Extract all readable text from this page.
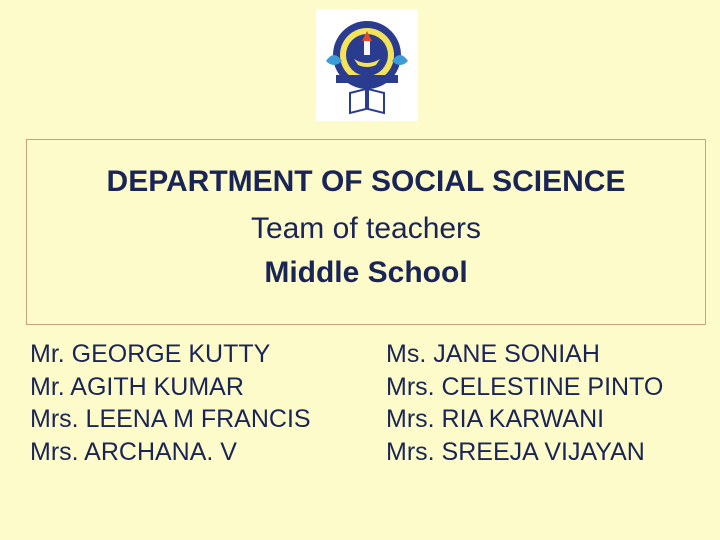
DEPARTMENT OF SOCIAL SCIENCE
Team of teachers
Middle School
Mr. GEORGE KUTTY
Mr. AGITH KUMAR
Mrs. LEENA M FRANCIS
Mrs. ARCHANA. V
Ms. JANE SONIAH
Mrs. CELESTINE PINTO
Mrs. RIA KARWANI
Mrs. SREEJA VIJAYAN
